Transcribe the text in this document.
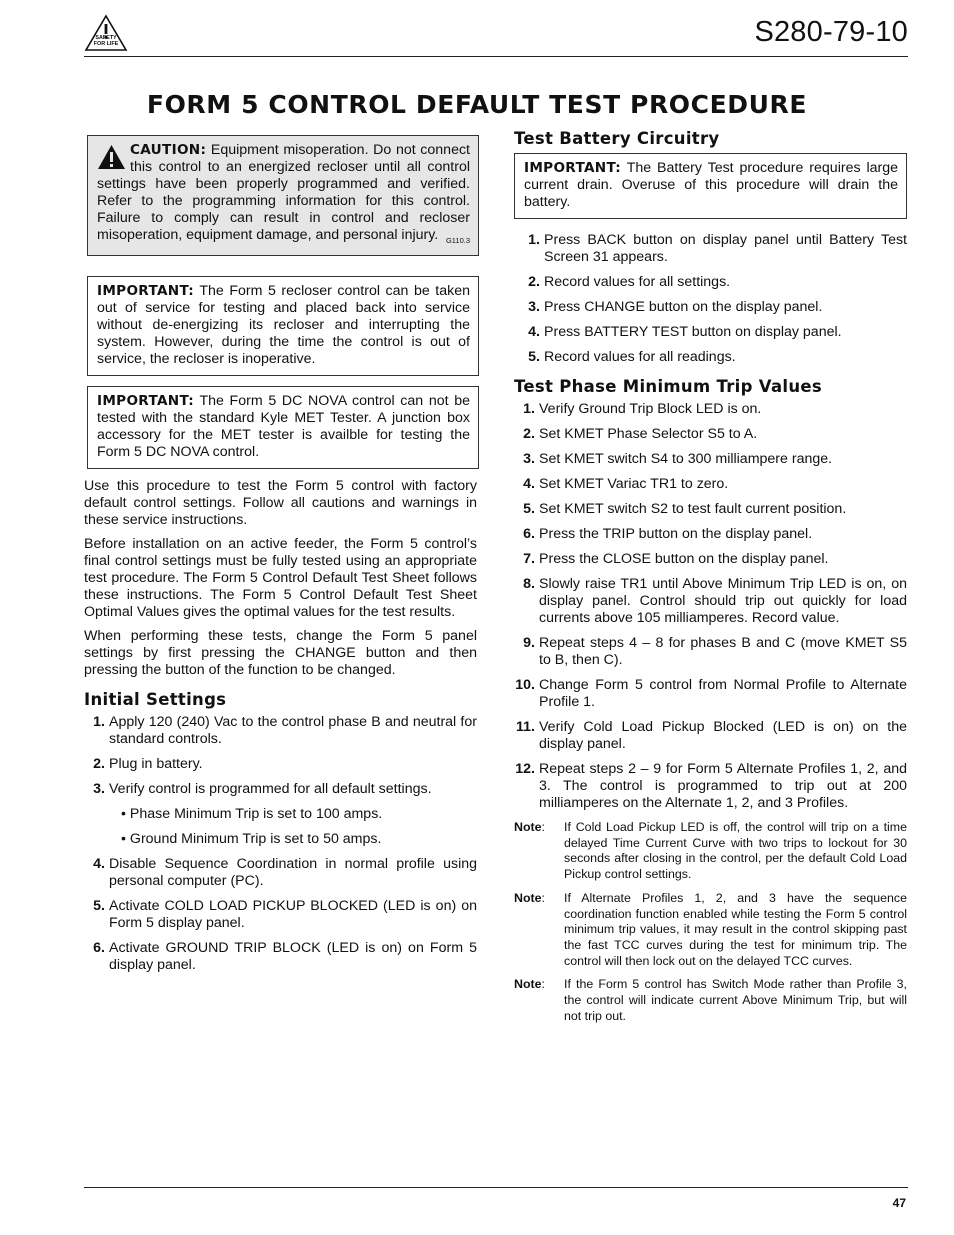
SAFETY
FOR LIFE	S280-79-10
FORM 5 CONTROL DEFAULT TEST PROCEDURE
CAUTION: Equipment misoperation. Do not connect this control to an energized recloser until all control settings have been properly programmed and verified. Refer to the programming information for this control. Failure to comply can result in control and recloser misoperation, equipment damage, and personal injury. G110.3
IMPORTANT: The Form 5 recloser control can be taken out of service for testing and placed back into service without de-energizing its recloser and interrupting the system. However, during the time the control is out of service, the recloser is inoperative.
IMPORTANT: The Form 5 DC NOVA control can not be tested with the standard Kyle MET Tester. A junction box accessory for the MET tester is availble for testing the Form 5 DC NOVA control.

Use this procedure to test the Form 5 control with factory default control settings. Follow all cautions and warnings in these service instructions.

Before installation on an active feeder, the Form 5 control’s final control settings must be fully tested using an appropriate test procedure. The Form 5 Control Default Test Sheet follows these instructions. The Form 5 Control Default Test Sheet Optimal Values gives the optimal values for the test results.

When performing these tests, change the Form 5 panel settings by first pressing the CHANGE button and then pressing the button of the function to be changed.

Initial Settings
1. Apply 120 (240) Vac to the control phase B and neutral for standard controls.
2. Plug in battery.
3. Verify control is programmed for all default settings.
• Phase Minimum Trip is set to 100 amps.
• Ground Minimum Trip is set to 50 amps.
4. Disable Sequence Coordination in normal profile using personal computer (PC).
5. Activate COLD LOAD PICKUP BLOCKED (LED is on) on Form 5 display panel.
6. Activate GROUND TRIP BLOCK (LED is on) on Form 5 display panel.
Test Battery Circuitry
IMPORTANT: The Battery Test procedure requires large current drain. Overuse of this procedure will drain the battery.
1. Press BACK button on display panel until Battery Test Screen 31 appears.
2. Record values for all settings.
3. Press CHANGE button on the display panel.
4. Press BATTERY TEST button on display panel.
5. Record values for all readings.
Test Phase Minimum Trip Values
1. Verify Ground Trip Block LED is on.
2. Set KMET Phase Selector S5 to A.
3. Set KMET switch S4 to 300 milliampere range.
4. Set KMET Variac TR1 to zero.
5. Set KMET switch S2 to test fault current position.
6. Press the TRIP button on the display panel.
7. Press the CLOSE button on the display panel.
8. Slowly raise TR1 until Above Minimum Trip LED is on, on display panel. Control should trip out quickly for load currents above 105 milliamperes. Record value.
9. Repeat steps 4 – 8 for phases B and C (move KMET S5 to B, then C).
10. Change Form 5 control from Normal Profile to Alternate Profile 1.
11. Verify Cold Load Pickup Blocked (LED is on) on the display panel.
12. Repeat steps 2 – 9 for Form 5 Alternate Profiles 1, 2, and 3. The control is programmed to trip out at 200 milliamperes on the Alternate 1, 2, and 3 Profiles.
Note:	If Cold Load Pickup LED is off, the control will trip on a time delayed Time Current Curve with two trips to lockout for 30 seconds after closing in the control, per the default Cold Load Pickup control settings.
Note:	If Alternate Profiles 1, 2, and 3 have the sequence coordination function enabled while testing the Form 5 control minimum trip values, it may result in the control skipping past the fast TCC curves during the test for minimum trip. The control will then lock out on the delayed TCC curves.
Note:	If the Form 5 control has Switch Mode rather than Profile 3, the control will indicate current Above Minimum Trip, but will not trip out.
47
